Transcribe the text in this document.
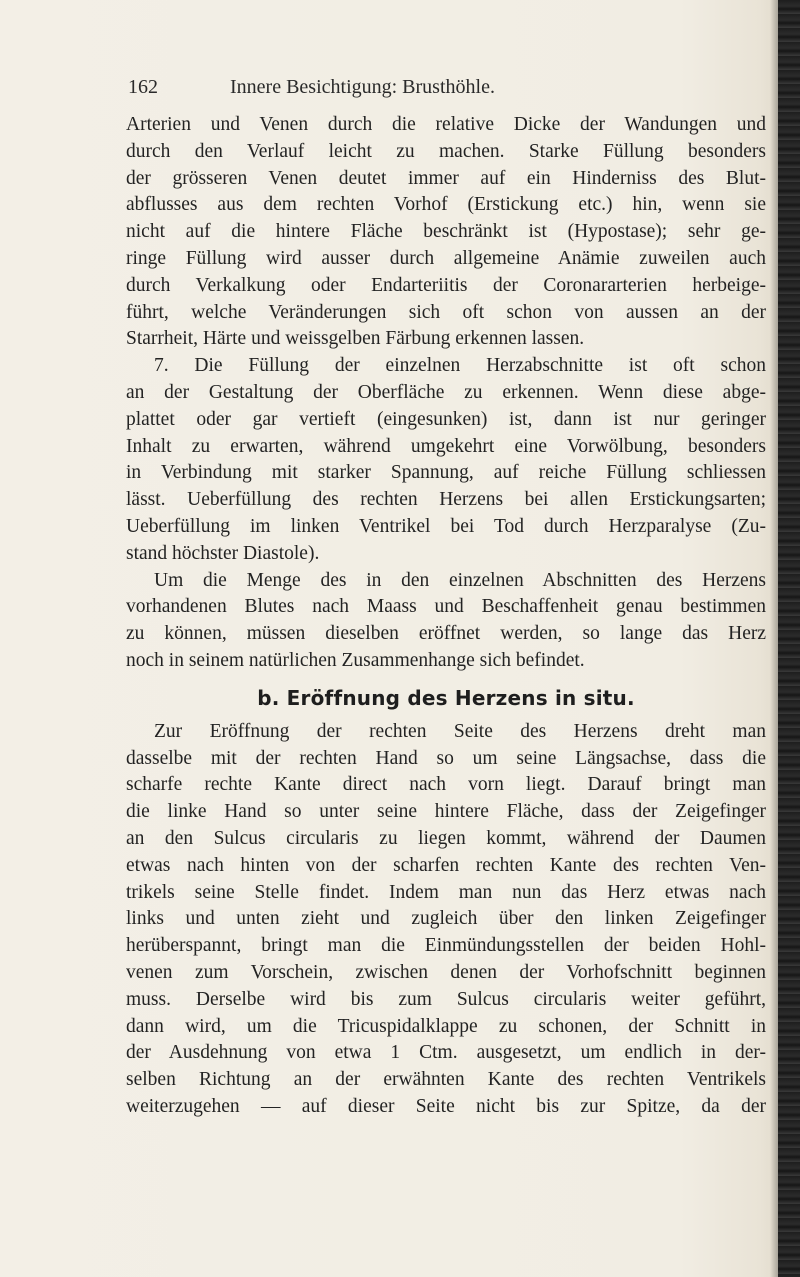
162	Innere Besichtigung: Brusthöhle.
Arterien und Venen durch die relative Dicke der Wandungen und
durch den Verlauf leicht zu machen. Starke Füllung besonders
der grösseren Venen deutet immer auf ein Hinderniss des Blut-
abflusses aus dem rechten Vorhof (Erstickung etc.) hin, wenn sie
nicht auf die hintere Fläche beschränkt ist (Hypostase); sehr ge-
ringe Füllung wird ausser durch allgemeine Anämie zuweilen auch
durch Verkalkung oder Endarteriitis der Coronararterien herbeige-
führt, welche Veränderungen sich oft schon von aussen an der
Starrheit, Härte und weissgelben Färbung erkennen lassen.
7. Die Füllung der einzelnen Herzabschnitte ist oft schon
an der Gestaltung der Oberfläche zu erkennen. Wenn diese abge-
plattet oder gar vertieft (eingesunken) ist, dann ist nur geringer
Inhalt zu erwarten, während umgekehrt eine Vorwölbung, besonders
in Verbindung mit starker Spannung, auf reiche Füllung schliessen
lässt. Ueberfüllung des rechten Herzens bei allen Erstickungsarten;
Ueberfüllung im linken Ventrikel bei Tod durch Herzparalyse (Zu-
stand höchster Diastole).
Um die Menge des in den einzelnen Abschnitten des Herzens
vorhandenen Blutes nach Maass und Beschaffenheit genau bestimmen
zu können, müssen dieselben eröffnet werden, so lange das Herz
noch in seinem natürlichen Zusammenhange sich befindet.
b. Eröffnung des Herzens in situ.
Zur Eröffnung der rechten Seite des Herzens dreht man
dasselbe mit der rechten Hand so um seine Längsachse, dass die
scharfe rechte Kante direct nach vorn liegt. Darauf bringt man
die linke Hand so unter seine hintere Fläche, dass der Zeigefinger
an den Sulcus circularis zu liegen kommt, während der Daumen
etwas nach hinten von der scharfen rechten Kante des rechten Ven-
trikels seine Stelle findet. Indem man nun das Herz etwas nach
links und unten zieht und zugleich über den linken Zeigefinger
herüberspannt, bringt man die Einmündungsstellen der beiden Hohl-
venen zum Vorschein, zwischen denen der Vorhofschnitt beginnen
muss. Derselbe wird bis zum Sulcus circularis weiter geführt,
dann wird, um die Tricuspidalklappe zu schonen, der Schnitt in
der Ausdehnung von etwa 1 Ctm. ausgesetzt, um endlich in der-
selben Richtung an der erwähnten Kante des rechten Ventrikels
weiterzugehen — auf dieser Seite nicht bis zur Spitze, da der
